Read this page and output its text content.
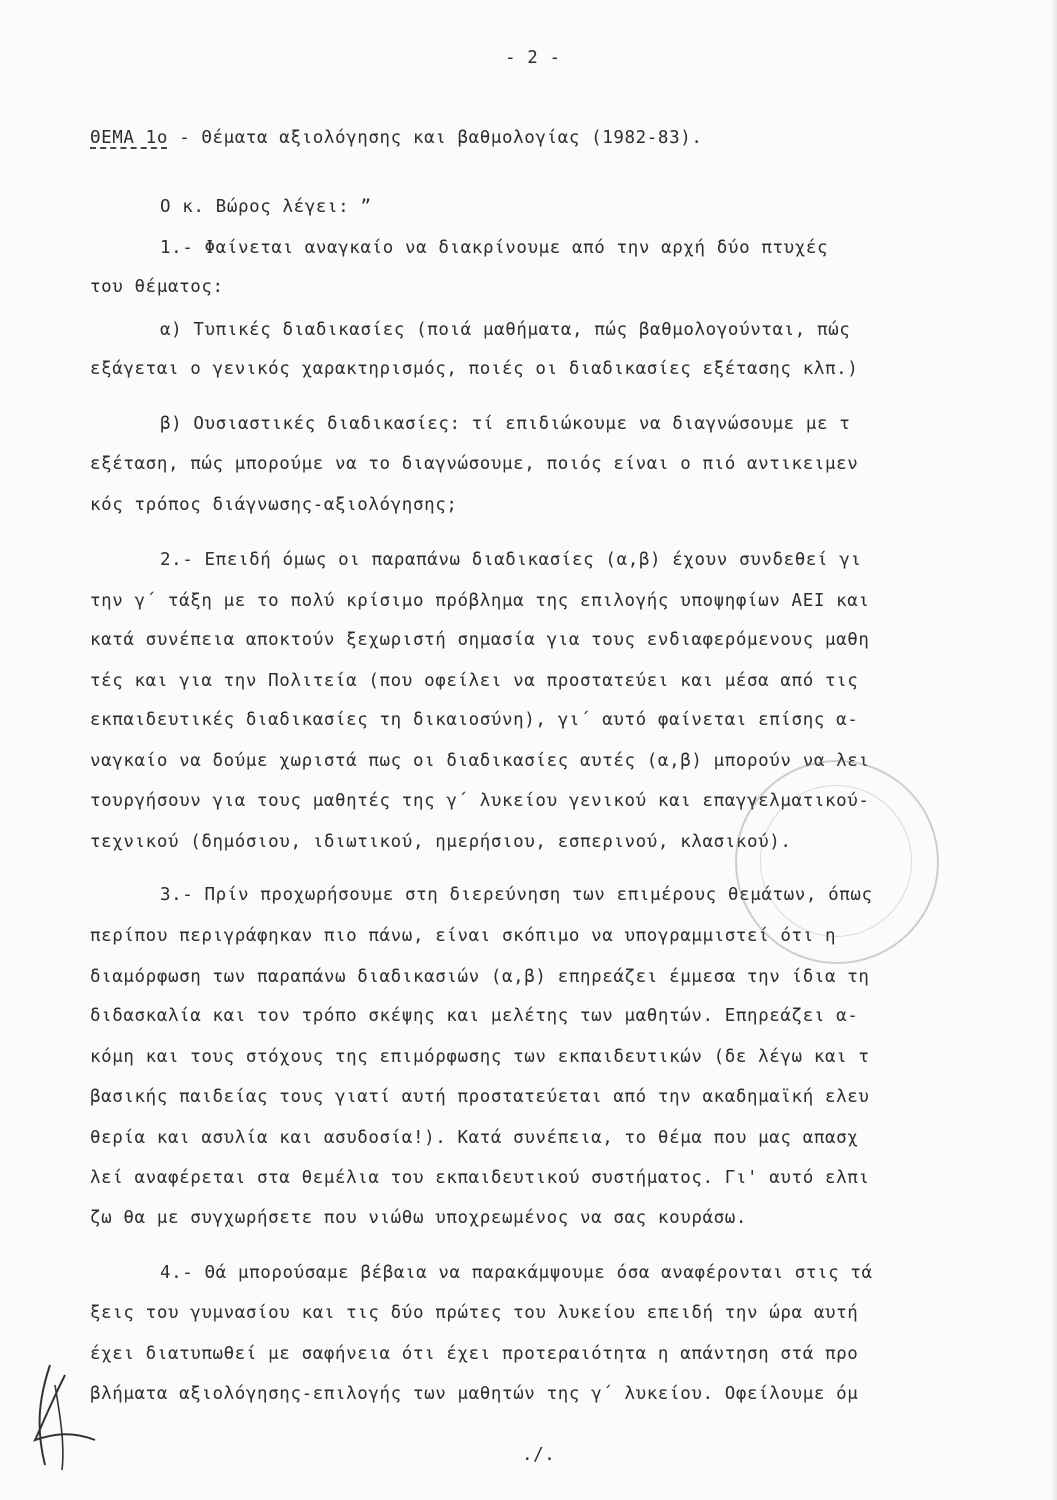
- 2 -
ΘΕΜΑ 1ο - Θέματα αξιολόγησης και βαθμολογίας (1982-83).
Ο κ. Βώρος λέγει: ”
1.- Φαίνεται αναγκαίο να διακρίνουμε από την αρχή δύο πτυχές
του θέματος:
α) Τυπικές διαδικασίες (ποιά μαθήματα, πώς βαθμολογούνται, πώς
εξάγεται ο γενικός χαρακτηρισμός, ποιές οι διαδικασίες εξέτασης κλπ.)
β) Ουσιαστικές διαδικασίες: τί επιδιώκουμε να διαγνώσουμε με τ
εξέταση, πώς μπορούμε να το διαγνώσουμε, ποιός είναι ο πιό αντικειμεν
κός τρόπος διάγνωσης-αξιολόγησης;
2.- Επειδή όμως οι παραπάνω διαδικασίες (α,β) έχουν συνδεθεί γι
την γ΄ τάξη με το πολύ κρίσιμο πρόβλημα της επιλογής υποψηφίων ΑΕΙ και
κατά συνέπεια αποκτούν ξεχωριστή σημασία για τους ενδιαφερόμενους μαθη
τές και για την Πολιτεία (που οφείλει να προστατεύει και μέσα από τις
εκπαιδευτικές διαδικασίες τη δικαιοσύνη), γι΄ αυτό φαίνεται επίσης α-
ναγκαίο να δούμε χωριστά πως οι διαδικασίες αυτές (α,β) μπορούν να λει
τουργήσουν για τους μαθητές της γ΄ λυκείου γενικού και επαγγελματικού-
τεχνικού (δημόσιου, ιδιωτικού, ημερήσιου, εσπερινού, κλασικού).
3.- Πρίν προχωρήσουμε στη διερεύνηση των επιμέρους θεμάτων, όπως
περίπου περιγράφηκαν πιο πάνω, είναι σκόπιμο να υπογραμμιστεί ότι η
διαμόρφωση των παραπάνω διαδικασιών (α,β) επηρεάζει έμμεσα την ίδια τη
διδασκαλία και τον τρόπο σκέψης και μελέτης των μαθητών. Επηρεάζει α-
κόμη και τους στόχους της επιμόρφωσης των εκπαιδευτικών (δε λέγω και τ
βασικής παιδείας τους γιατί αυτή προστατεύεται από την ακαδημαϊκή ελευ
θερία και ασυλία και ασυδοσία!). Κατά συνέπεια, το θέμα που μας απασχ
λεί αναφέρεται στα θεμέλια του εκπαιδευτικού συστήματος. Γι' αυτό ελπι
ζω θα με συγχωρήσετε που νιώθω υποχρεωμένος να σας κουράσω.
4.- Θά μπορούσαμε βέβαια να παρακάμψουμε όσα αναφέρονται στις τά
ξεις του γυμνασίου και τις δύο πρώτες του λυκείου επειδή την ώρα αυτή
έχει διατυπωθεί με σαφήνεια ότι έχει προτεραιότητα η απάντηση στά προ
βλήματα αξιολόγησης-επιλογής των μαθητών της γ΄ λυκείου. Οφείλουμε όμ
./.
